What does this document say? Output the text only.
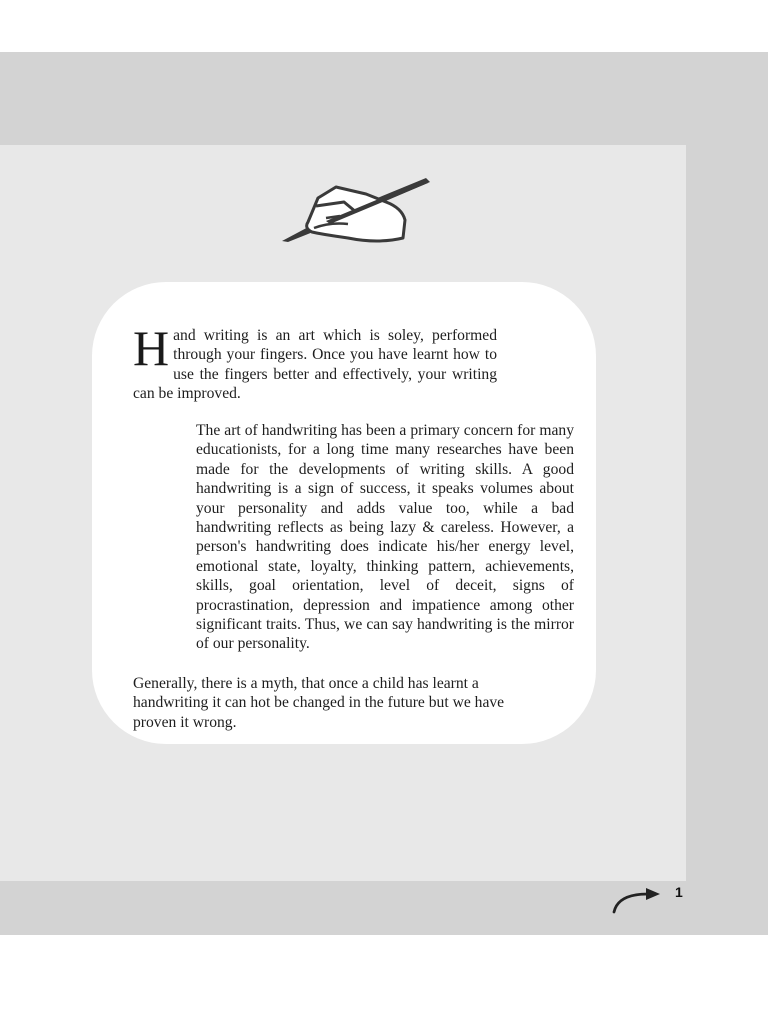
Hand writing is an art which is soley, performed through your fingers. Once you have learnt how to use the fingers better and effectively, your writing can be improved.

The art of handwriting has been a primary concern for many educationists, for a long time many researches have been made for the developments of writing skills. A good handwriting is a sign of success, it speaks volumes about your personality and adds value too, while a bad handwriting reflects as being lazy & careless. However, a person's handwriting does indicate his/her energy level, emotional state, loyalty, thinking pattern, achievements, skills, goal orientation, level of deceit, signs of procrastination, depression and impatience among other significant traits. Thus, we can say handwriting is the mirror of our personality.

Generally, there is a myth, that once a child has learnt a handwriting it can hot be changed in the future but we have proven it wrong.

1
